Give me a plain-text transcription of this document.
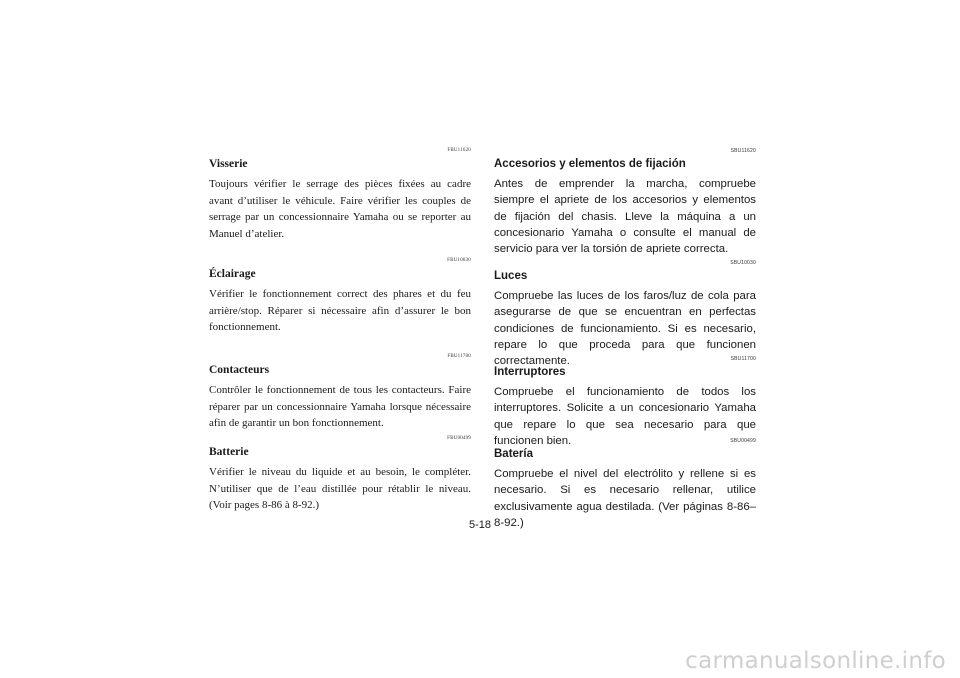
FBU11620
Visserie
Toujours vérifier le serrage des pièces fixées au cadre avant d’utiliser le véhicule. Faire vérifier les couples de serrage par un concessionnaire Yamaha ou se reporter au Manuel d’atelier.
FBU10030
Éclairage
Vérifier le fonctionnement correct des phares et du feu arrière/stop. Réparer si nécessaire afin d’assurer le bon fonctionnement.
FBU11700
Contacteurs
Contrôler le fonctionnement de tous les contacteurs. Faire réparer par un concessionnaire Yamaha lorsque nécessaire afin de garantir un bon fonctionnement.
FBU00499
Batterie
Vérifier le niveau du liquide et au besoin, le compléter. N’utiliser que de l’eau distillée pour rétablir le niveau. (Voir pages 8-86 à 8-92.)
SBU11620
Accesorios y elementos de fijación
Antes de emprender la marcha, compruebe siempre el apriete de los accesorios y elementos de fijación del chasis. Lleve la máquina a un concesionario Yamaha o consulte el manual de servicio para ver la torsión de apriete correcta.
SBU10030
Luces
Compruebe las luces de los faros/luz de cola para asegurarse de que se encuentran en perfectas condiciones de funcionamiento. Si es necesario, repare lo que proceda para que funcionen correctamente.	SBU11700
Interruptores
Compruebe el funcionamiento de todos los interruptores. Solicite a un concesionario Yamaha que repare lo que sea necesario para que funcionen bien.	SBU00499
Batería
Compruebe el nivel del electrólito y rellene si es necesario. Si es necesario rellenar, utilice exclusivamente agua destilada. (Ver páginas 8-86–8-92.)
5-18
carmanualsonline.info
